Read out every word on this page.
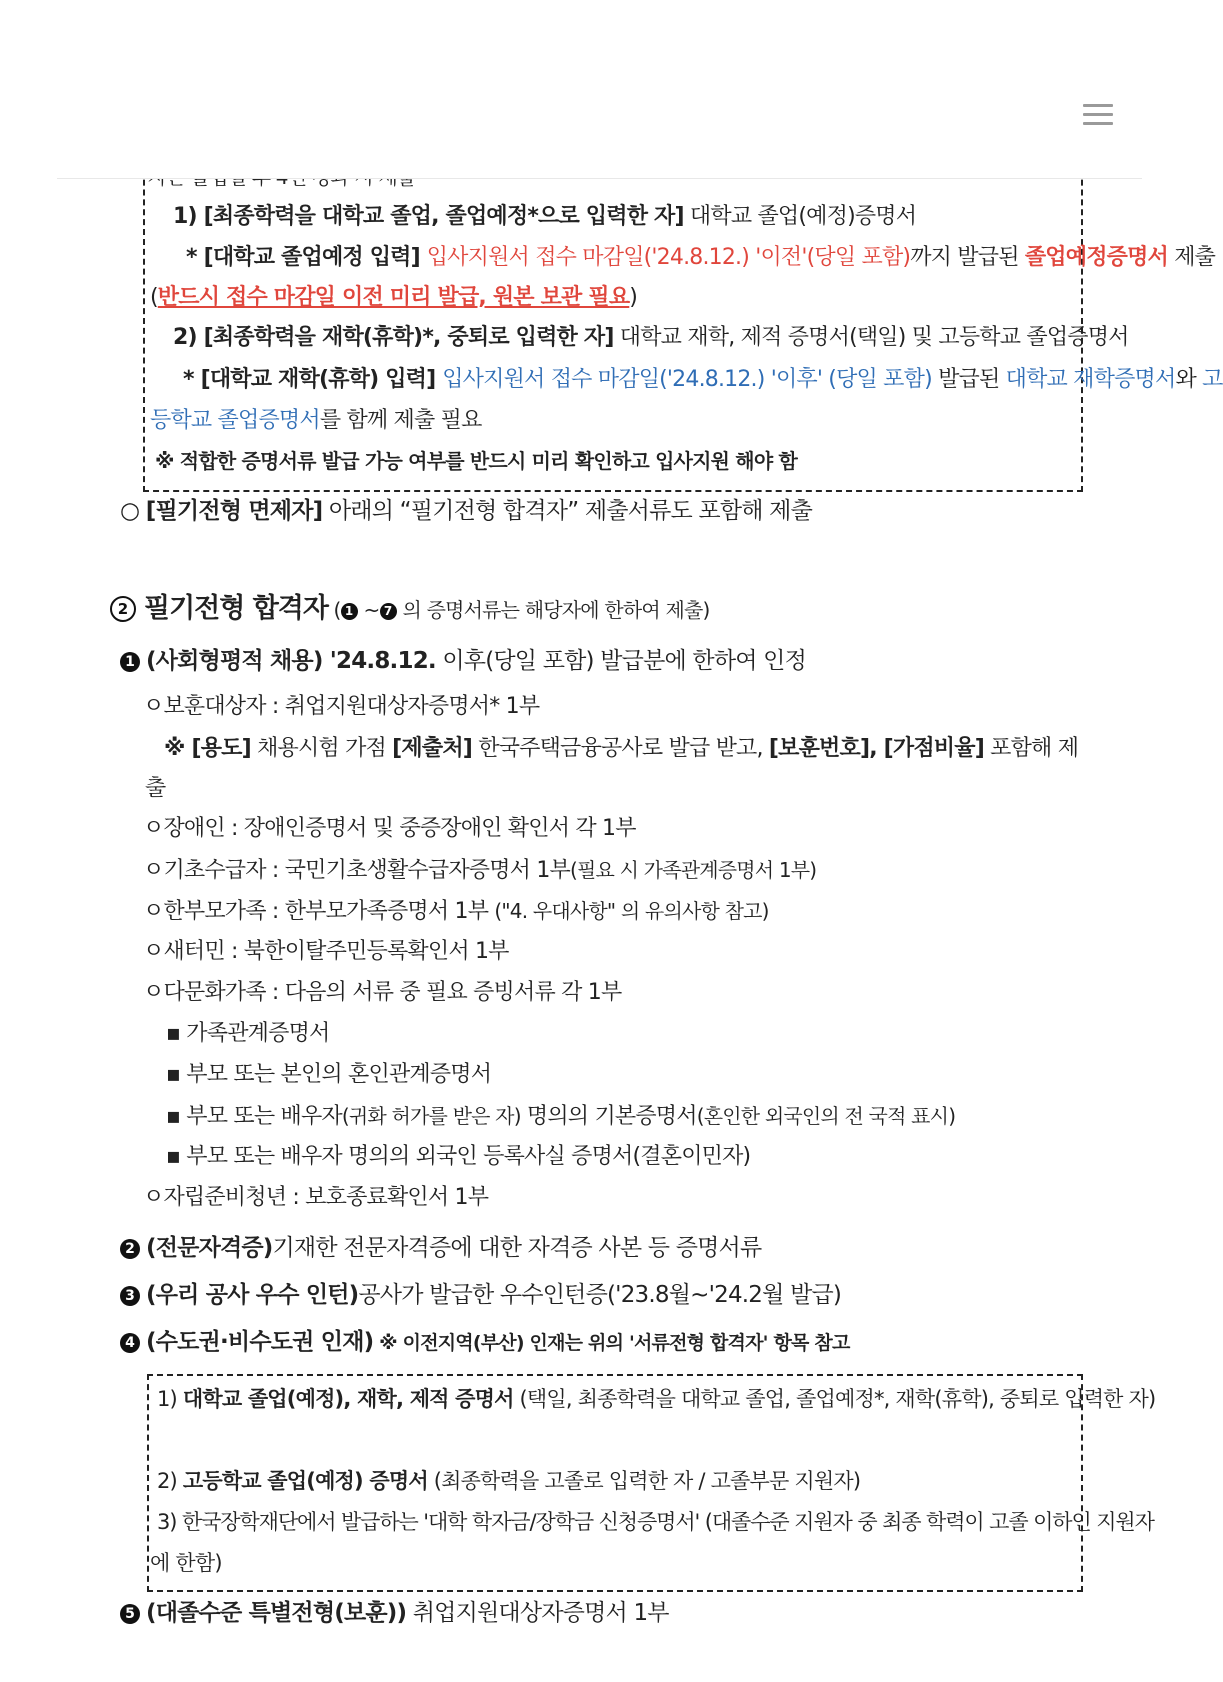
1) [최종학력을 대학교 졸업, 졸업예정*으로 입력한 자] 대학교 졸업(예정)증명서
* [대학교 졸업예정 입력] 입사지원서 접수 마감일('24.8.12.) '이전'(당일 포함)까지 발급된 졸업예정증명서 제출
(반드시 접수 마감일 이전 미리 발급, 원본 보관 필요)
2) [최종학력을 재학(휴학)*, 중퇴로 입력한 자] 대학교 재학, 제적 증명서(택일) 및 고등학교 졸업증명서
* [대학교 재학(휴학) 입력] 입사지원서 접수 마감일('24.8.12.) '이후' (당일 포함) 발급된 대학교 재학증명서와 고
등학교 졸업증명서를 함께 제출 필요
※ 적합한 증명서류 발급 가능 여부를 반드시 미리 확인하고 입사지원 해야 함
○ [필기전형 면제자] 아래의 “필기전형 합격자” 제출서류도 포함해 제출
2 필기전형 합격자 ( 1 ~ 7 의 증명서류는 해당자에 한하여 제출)
1 (사회형평적 채용) '24.8.12. 이후(당일 포함) 발급분에 한하여 인정
ㅇ보훈대상자 : 취업지원대상자증명서* 1부
※ [용도] 채용시험 가점 [제출처] 한국주택금융공사로 발급 받고, [보훈번호], [가점비율] 포함해 제
출
ㅇ장애인 : 장애인증명서 및 중증장애인 확인서 각 1부
ㅇ기초수급자 : 국민기초생활수급자증명서 1부(필요 시 가족관계증명서 1부)
ㅇ한부모가족 : 한부모가족증명서 1부 ("4. 우대사항" 의 유의사항 참고)
ㅇ새터민 : 북한이탈주민등록확인서 1부
ㅇ다문화가족 : 다음의 서류 중 필요 증빙서류 각 1부
▪ 가족관계증명서
▪ 부모 또는 본인의 혼인관계증명서
▪ 부모 또는 배우자(귀화 허가를 받은 자) 명의의 기본증명서(혼인한 외국인의 전 국적 표시)
▪ 부모 또는 배우자 명의의 외국인 등록사실 증명서(결혼이민자)
ㅇ자립준비청년 : 보호종료확인서 1부
2 (전문자격증)기재한 전문자격증에 대한 자격증 사본 등 증명서류
3 (우리 공사 우수 인턴)공사가 발급한 우수인턴증('23.8월~'24.2월 발급)
4 (수도권·비수도권 인재) ※ 이전지역(부산) 인재는 위의 '서류전형 합격자' 항목 참고
1) 대학교 졸업(예정), 재학, 제적 증명서 (택일, 최종학력을 대학교 졸업, 졸업예정*, 재학(휴학), 중퇴로 입력한 자)
2) 고등학교 졸업(예정) 증명서 (최종학력을 고졸로 입력한 자 / 고졸부문 지원자)
3) 한국장학재단에서 발급하는 '대학 학자금/장학금 신청증명서' (대졸수준 지원자 중 최종 학력이 고졸 이하인 지원자
에 한함)
5 (대졸수준 특별전형(보훈)) 취업지원대상자증명서 1부
